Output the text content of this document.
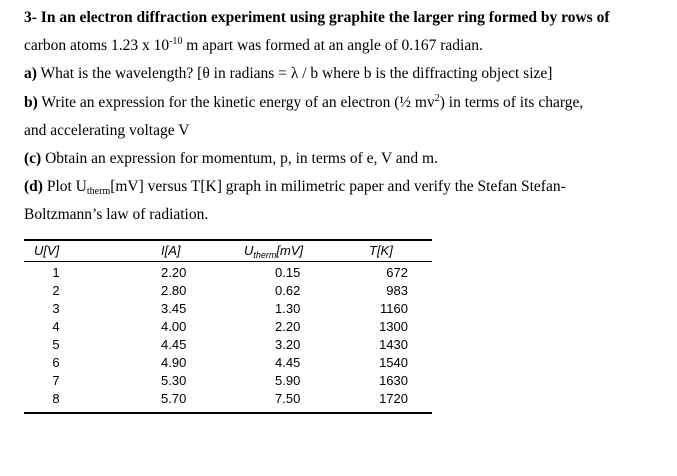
3- In an electron diffraction experiment using graphite the larger ring formed by rows of
carbon atoms 1.23 x $10^{-10}$ m apart was formed at an angle of 0.167 radian.
a) What is the wavelength? [θ in radians = λ / b where b is the diffracting object size]
b) Write an expression for the kinetic energy of an electron (½ $mv^2$) in terms of its charge,
and accelerating voltage V
(c) Obtain an expression for momentum, p, in terms of e, V and m.
(d) Plot $U_{therm}[mV]$ versus T[K] graph in milimetric paper and verify the Stefan Stefan-
Boltzmann’s law of radiation.
U[V]	I[A]	$U_{therm}[mV]$	T[K]
1	2.20	0.15	672
2	2.80	0.62	983
3	3.45	1.30	1160
4	4.00	2.20	1300
5	4.45	3.20	1430
6	4.90	4.45	1540
7	5.30	5.90	1630
8	5.70	7.50	1720
